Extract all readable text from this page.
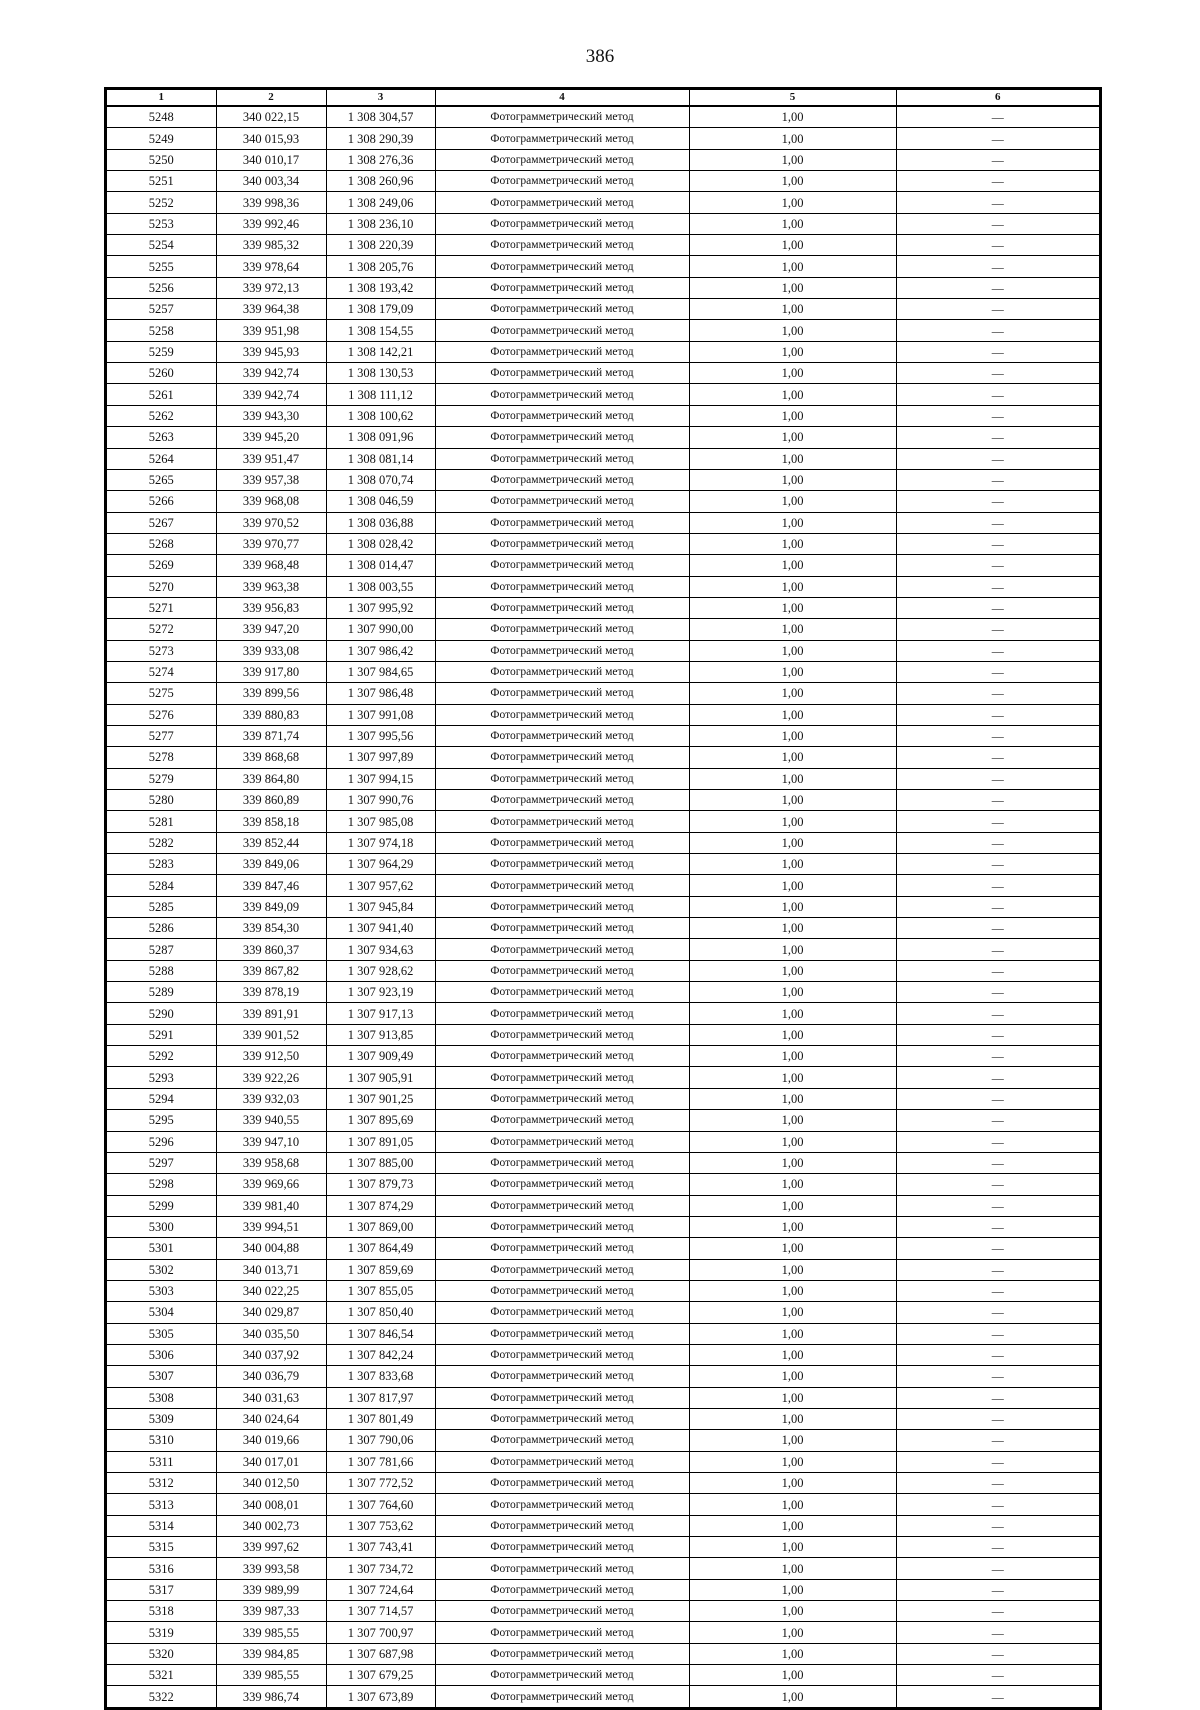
386
1	2	3	4	5	6
5248	340 022,15	1 308 304,57	Фотограмметрический метод	1,00	—
5249	340 015,93	1 308 290,39	Фотограмметрический метод	1,00	—
5250	340 010,17	1 308 276,36	Фотограмметрический метод	1,00	—
5251	340 003,34	1 308 260,96	Фотограмметрический метод	1,00	—
5252	339 998,36	1 308 249,06	Фотограмметрический метод	1,00	—
5253	339 992,46	1 308 236,10	Фотограмметрический метод	1,00	—
5254	339 985,32	1 308 220,39	Фотограмметрический метод	1,00	—
5255	339 978,64	1 308 205,76	Фотограмметрический метод	1,00	—
5256	339 972,13	1 308 193,42	Фотограмметрический метод	1,00	—
5257	339 964,38	1 308 179,09	Фотограмметрический метод	1,00	—
5258	339 951,98	1 308 154,55	Фотограмметрический метод	1,00	—
5259	339 945,93	1 308 142,21	Фотограмметрический метод	1,00	—
5260	339 942,74	1 308 130,53	Фотограмметрический метод	1,00	—
5261	339 942,74	1 308 111,12	Фотограмметрический метод	1,00	—
5262	339 943,30	1 308 100,62	Фотограмметрический метод	1,00	—
5263	339 945,20	1 308 091,96	Фотограмметрический метод	1,00	—
5264	339 951,47	1 308 081,14	Фотограмметрический метод	1,00	—
5265	339 957,38	1 308 070,74	Фотограмметрический метод	1,00	—
5266	339 968,08	1 308 046,59	Фотограмметрический метод	1,00	—
5267	339 970,52	1 308 036,88	Фотограмметрический метод	1,00	—
5268	339 970,77	1 308 028,42	Фотограмметрический метод	1,00	—
5269	339 968,48	1 308 014,47	Фотограмметрический метод	1,00	—
5270	339 963,38	1 308 003,55	Фотограмметрический метод	1,00	—
5271	339 956,83	1 307 995,92	Фотограмметрический метод	1,00	—
5272	339 947,20	1 307 990,00	Фотограмметрический метод	1,00	—
5273	339 933,08	1 307 986,42	Фотограмметрический метод	1,00	—
5274	339 917,80	1 307 984,65	Фотограмметрический метод	1,00	—
5275	339 899,56	1 307 986,48	Фотограмметрический метод	1,00	—
5276	339 880,83	1 307 991,08	Фотограмметрический метод	1,00	—
5277	339 871,74	1 307 995,56	Фотограмметрический метод	1,00	—
5278	339 868,68	1 307 997,89	Фотограмметрический метод	1,00	—
5279	339 864,80	1 307 994,15	Фотограмметрический метод	1,00	—
5280	339 860,89	1 307 990,76	Фотограмметрический метод	1,00	—
5281	339 858,18	1 307 985,08	Фотограмметрический метод	1,00	—
5282	339 852,44	1 307 974,18	Фотограмметрический метод	1,00	—
5283	339 849,06	1 307 964,29	Фотограмметрический метод	1,00	—
5284	339 847,46	1 307 957,62	Фотограмметрический метод	1,00	—
5285	339 849,09	1 307 945,84	Фотограмметрический метод	1,00	—
5286	339 854,30	1 307 941,40	Фотограмметрический метод	1,00	—
5287	339 860,37	1 307 934,63	Фотограмметрический метод	1,00	—
5288	339 867,82	1 307 928,62	Фотограмметрический метод	1,00	—
5289	339 878,19	1 307 923,19	Фотограмметрический метод	1,00	—
5290	339 891,91	1 307 917,13	Фотограмметрический метод	1,00	—
5291	339 901,52	1 307 913,85	Фотограмметрический метод	1,00	—
5292	339 912,50	1 307 909,49	Фотограмметрический метод	1,00	—
5293	339 922,26	1 307 905,91	Фотограмметрический метод	1,00	—
5294	339 932,03	1 307 901,25	Фотограмметрический метод	1,00	—
5295	339 940,55	1 307 895,69	Фотограмметрический метод	1,00	—
5296	339 947,10	1 307 891,05	Фотограмметрический метод	1,00	—
5297	339 958,68	1 307 885,00	Фотограмметрический метод	1,00	—
5298	339 969,66	1 307 879,73	Фотограмметрический метод	1,00	—
5299	339 981,40	1 307 874,29	Фотограмметрический метод	1,00	—
5300	339 994,51	1 307 869,00	Фотограмметрический метод	1,00	—
5301	340 004,88	1 307 864,49	Фотограмметрический метод	1,00	—
5302	340 013,71	1 307 859,69	Фотограмметрический метод	1,00	—
5303	340 022,25	1 307 855,05	Фотограмметрический метод	1,00	—
5304	340 029,87	1 307 850,40	Фотограмметрический метод	1,00	—
5305	340 035,50	1 307 846,54	Фотограмметрический метод	1,00	—
5306	340 037,92	1 307 842,24	Фотограмметрический метод	1,00	—
5307	340 036,79	1 307 833,68	Фотограмметрический метод	1,00	—
5308	340 031,63	1 307 817,97	Фотограмметрический метод	1,00	—
5309	340 024,64	1 307 801,49	Фотограмметрический метод	1,00	—
5310	340 019,66	1 307 790,06	Фотограмметрический метод	1,00	—
5311	340 017,01	1 307 781,66	Фотограмметрический метод	1,00	—
5312	340 012,50	1 307 772,52	Фотограмметрический метод	1,00	—
5313	340 008,01	1 307 764,60	Фотограмметрический метод	1,00	—
5314	340 002,73	1 307 753,62	Фотограмметрический метод	1,00	—
5315	339 997,62	1 307 743,41	Фотограмметрический метод	1,00	—
5316	339 993,58	1 307 734,72	Фотограмметрический метод	1,00	—
5317	339 989,99	1 307 724,64	Фотограмметрический метод	1,00	—
5318	339 987,33	1 307 714,57	Фотограмметрический метод	1,00	—
5319	339 985,55	1 307 700,97	Фотограмметрический метод	1,00	—
5320	339 984,85	1 307 687,98	Фотограмметрический метод	1,00	—
5321	339 985,55	1 307 679,25	Фотограмметрический метод	1,00	—
5322	339 986,74	1 307 673,89	Фотограмметрический метод	1,00	—
